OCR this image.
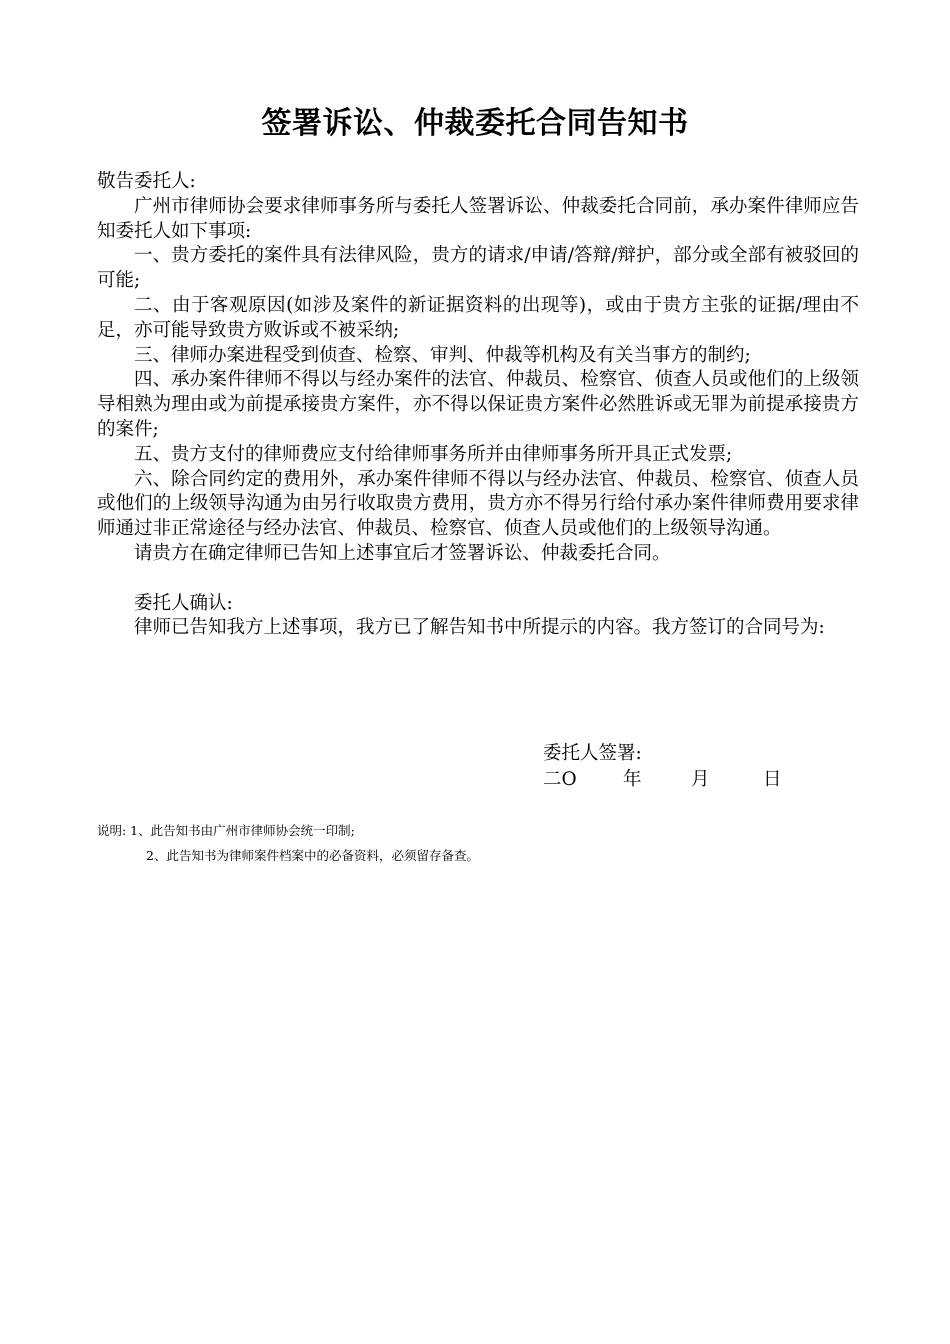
签署诉讼、仲裁委托合同告知书

敬告委托人:

广州市律师协会要求律师事务所与委托人签署诉讼、仲裁委托合同前，承办案件律师应告知委托人如下事项:

一、贵方委托的案件具有法律风险，贵方的请求/申请/答辩/辩护，部分或全部有被驳回的可能;

二、由于客观原因(如涉及案件的新证据资料的出现等)，或由于贵方主张的证据/理由不足，亦可能导致贵方败诉或不被采纳;

三、律师办案进程受到侦查、检察、审判、仲裁等机构及有关当事方的制约;

四、承办案件律师不得以与经办案件的法官、仲裁员、检察官、侦查人员或他们的上级领导相熟为理由或为前提承接贵方案件，亦不得以保证贵方案件必然胜诉或无罪为前提承接贵方的案件;

五、贵方支付的律师费应支付给律师事务所并由律师事务所开具正式发票;

六、除合同约定的费用外，承办案件律师不得以与经办法官、仲裁员、检察官、侦查人员或他们的上级领导沟通为由另行收取贵方费用，贵方亦不得另行给付承办案件律师费用要求律师通过非正常途径与经办法官、仲裁员、检察官、侦查人员或他们的上级领导沟通。

请贵方在确定律师已告知上述事宜后才签署诉讼、仲裁委托合同。

委托人确认:

律师已告知我方上述事项，我方已了解告知书中所提示的内容。我方签订的合同号为:

委托人签署:
二O	年	月	日

说明: 1、此告知书由广州市律师协会统一印制;

2、此告知书为律师案件档案中的必备资料，必须留存备查。
